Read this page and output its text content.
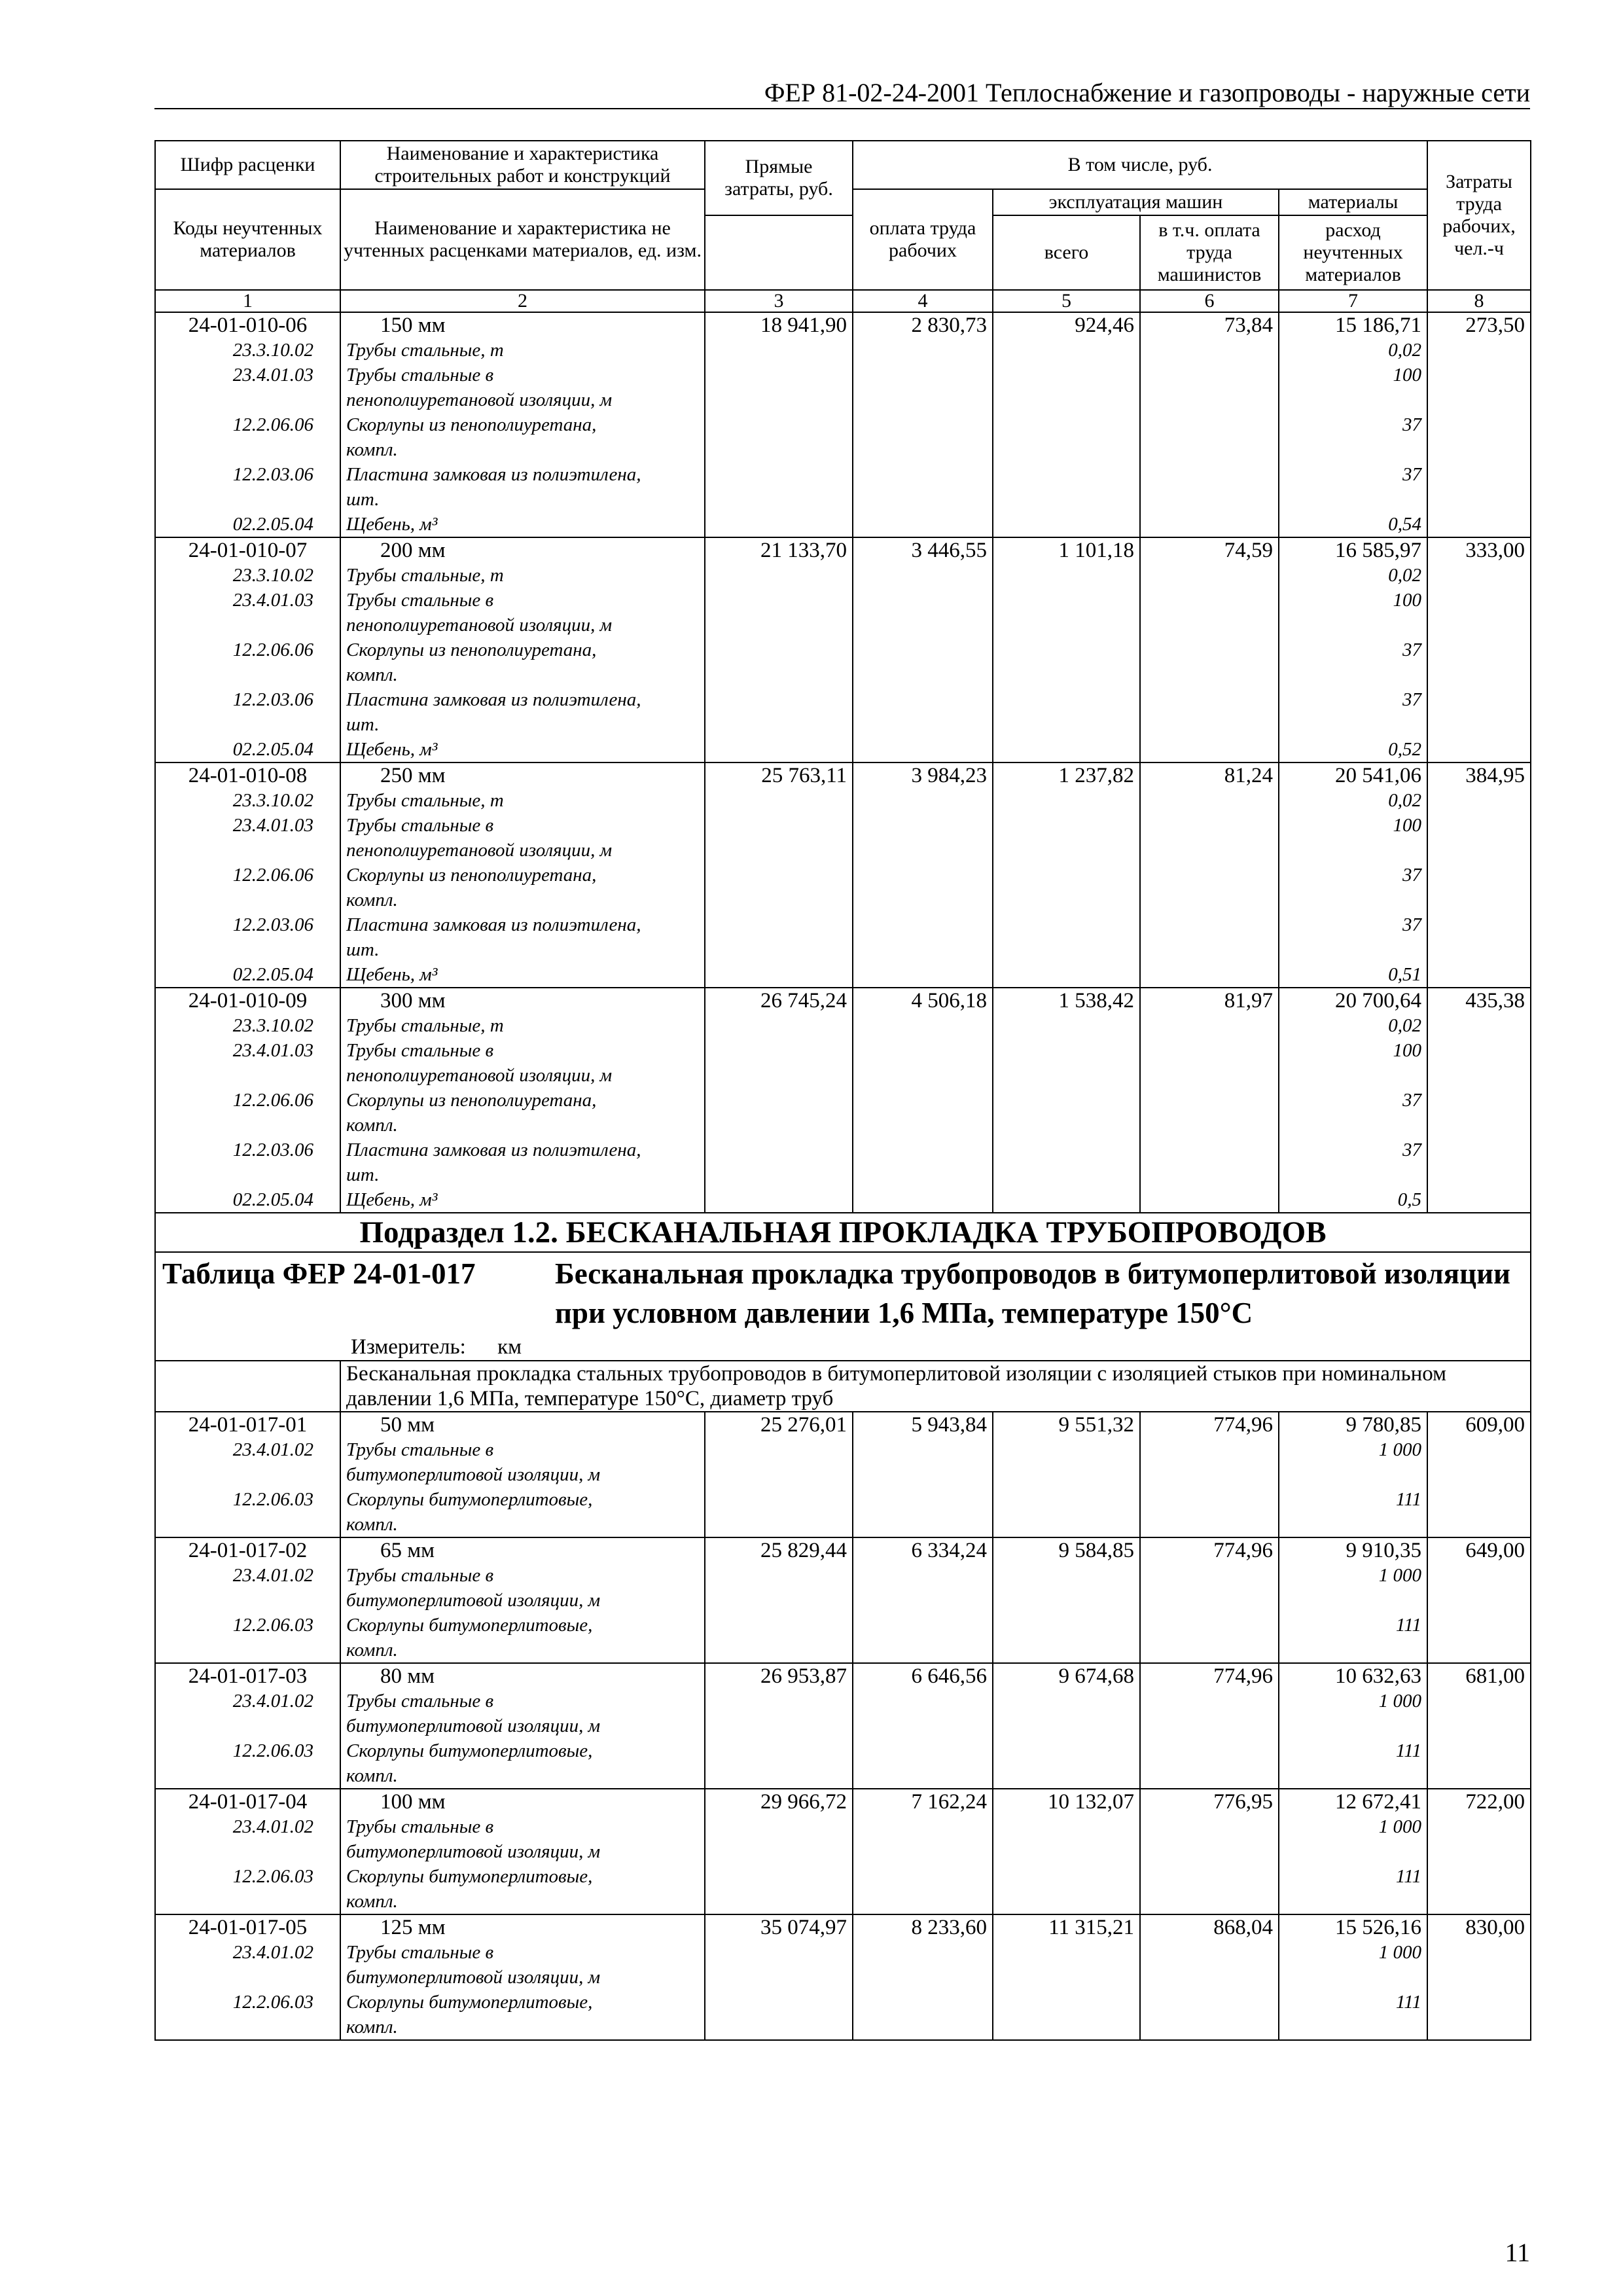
ФЕР 81-02-24-2001 Теплоснабжение и газопроводы - наружные сети
Шифр расценки	Наименование и характеристика строительных работ и конструкций	Прямые затраты, руб.	В том числе, руб.				Затраты труда рабочих, чел.-ч

Коды неучтенных материалов	Наименование и характеристика не учтенных расценками материалов, ед. изм.		оплата труда рабочих	эксплуатация машин		материалы	
				всего	в т.ч. оплата труда машинистов	расход неучтенных материалов	
1	2	3	4	5	6	7	8
24-01-010-06	150 мм	18 941,90	2 830,73	924,46	73,84	15 186,71	273,50
23.3.10.02	Трубы стальные, т					0,02	
23.4.01.03	Трубы стальные в					100	
	пенополиуретановой изоляции, м						
12.2.06.06	Скорлупы из пенополиуретана,					37	
	компл.						
12.2.03.06	Пластина замковая из полиэтилена,					37	
	шт.						
02.2.05.04	Щебень, м³					0,54	
24-01-010-07	200 мм	21 133,70	3 446,55	1 101,18	74,59	16 585,97	333,00
23.3.10.02	Трубы стальные, т					0,02	
23.4.01.03	Трубы стальные в					100	
	пенополиуретановой изоляции, м						
12.2.06.06	Скорлупы из пенополиуретана,					37	
	компл.						
12.2.03.06	Пластина замковая из полиэтилена,					37	
	шт.						
02.2.05.04	Щебень, м³					0,52	
24-01-010-08	250 мм	25 763,11	3 984,23	1 237,82	81,24	20 541,06	384,95
23.3.10.02	Трубы стальные, т					0,02	
23.4.01.03	Трубы стальные в					100	
	пенополиуретановой изоляции, м						
12.2.06.06	Скорлупы из пенополиуретана,					37	
	компл.						
12.2.03.06	Пластина замковая из полиэтилена,					37	
	шт.						
02.2.05.04	Щебень, м³					0,51	
24-01-010-09	300 мм	26 745,24	4 506,18	1 538,42	81,97	20 700,64	435,38
23.3.10.02	Трубы стальные, т					0,02	
23.4.01.03	Трубы стальные в					100	
	пенополиуретановой изоляции, м						
12.2.06.06	Скорлупы из пенополиуретана,					37	
	компл.						
12.2.03.06	Пластина замковая из полиэтилена,					37	
	шт.						
02.2.05.04	Щебень, м³					0,5	
Подраздел 1.2. БЕСКАНАЛЬНАЯ ПРОКЛАДКА ТРУБОПРОВОДОВ							

Таблица ФЕР 24-01-017 Бесканальная прокладка трубопроводов в битумоперлитовой изоляции при условном давлении 1,6 МПа, температуре 150°С							

Измеритель: км							

	Бесканальная прокладка стальных трубопроводов в битумоперлитовой изоляции с изоляцией стыков при номинальном давлении 1,6 МПа, температуре 150°С, диаметр труб						
24-01-017-01	50 мм	25 276,01	5 943,84	9 551,32	774,96	9 780,85	609,00
23.4.01.02	Трубы стальные в					1 000	
	битумоперлитовой изоляции, м						
12.2.06.03	Скорлупы битумоперлитовые,					111	
	компл.						
24-01-017-02	65 мм	25 829,44	6 334,24	9 584,85	774,96	9 910,35	649,00
23.4.01.02	Трубы стальные в					1 000	
	битумоперлитовой изоляции, м						
12.2.06.03	Скорлупы битумоперлитовые,					111	
	компл.						
24-01-017-03	80 мм	26 953,87	6 646,56	9 674,68	774,96	10 632,63	681,00
23.4.01.02	Трубы стальные в					1 000	
	битумоперлитовой изоляции, м						
12.2.06.03	Скорлупы битумоперлитовые,					111	
	компл.						
24-01-017-04	100 мм	29 966,72	7 162,24	10 132,07	776,95	12 672,41	722,00
23.4.01.02	Трубы стальные в					1 000	
	битумоперлитовой изоляции, м						
12.2.06.03	Скорлупы битумоперлитовые,					111	
	компл.						
24-01-017-05	125 мм	35 074,97	8 233,60	11 315,21	868,04	15 526,16	830,00
23.4.01.02	Трубы стальные в					1 000	
	битумоперлитовой изоляции, м						
12.2.06.03	Скорлупы битумоперлитовые,					111	
	компл.						
11
